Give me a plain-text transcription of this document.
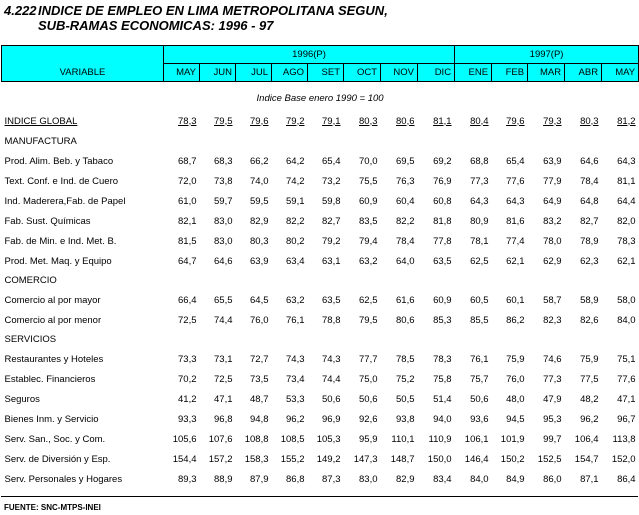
4.222INDICE DE EMPLEO EN LIMA METROPOLITANA SEGUN,
SUB-RAMAS ECONOMICAS: 1996 - 97
	1996(P)								1997(P)				
VARIABLE	MAY	JUN	JUL	AGO	SET	OCT	NOV	DIC	ENE	FEB	MAR	ABR	MAY
Indice Base enero 1990 = 100													
INDICE GLOBAL	78,3	79,5	79,6	79,2	79,1	80,3	80,6	81,1	80,4	79,6	79,3	80,3	81,2
MANUFACTURA													
Prod. Alim. Beb. y Tabaco	68,7	68,3	66,2	64,2	65,4	70,0	69,5	69,2	68,8	65,4	63,9	64,6	64,3
Text. Conf. e Ind. de Cuero	72,0	73,8	74,0	74,2	73,2	75,5	76,3	76,9	77,3	77,6	77,9	78,4	81,1
Ind. Maderera,Fab. de Papel	61,0	59,7	59,5	59,1	59,8	60,9	60,4	60,8	64,3	64,3	64,9	64,8	64,4
Fab. Sust. Químicas	82,1	83,0	82,9	82,2	82,7	83,5	82,2	81,8	80,9	81,6	83,2	82,7	82,0
Fab. de Min. e Ind. Met. B.	81,5	83,0	80,3	80,2	79,2	79,4	78,4	77,8	78,1	77,4	78,0	78,9	78,3
Prod. Met. Maq. y Equipo	64,7	64,6	63,9	63,4	63,1	63,2	64,0	63,5	62,5	62,1	62,9	62,3	62,1
COMERCIO													
Comercio al por mayor	66,4	65,5	64,5	63,2	63,5	62,5	61,6	60,9	60,5	60,1	58,7	58,9	58,0
Comercio al por menor	72,5	74,4	76,0	76,1	78,8	79,5	80,6	85,3	85,5	86,2	82,3	82,6	84,0
SERVICIOS													
Restaurantes y Hoteles	73,3	73,1	72,7	74,3	74,3	77,7	78,5	78,3	76,1	75,9	74,6	75,9	75,1
Establec. Financieros	70,2	72,5	73,5	73,4	74,4	75,0	75,2	75,8	75,7	76,0	77,3	77,5	77,6
Seguros	41,2	47,1	48,7	53,3	50,6	50,6	50,5	51,4	50,6	48,0	47,9	48,2	47,1
Bienes Inm. y Servicio	93,3	96,8	94,8	96,2	96,9	92,6	93,8	94,0	93,6	94,5	95,3	96,2	96,7
Serv. San., Soc. y Com.	105,6	107,6	108,8	108,5	105,3	95,9	110,1	110,9	106,1	101,9	99,7	106,4	113,8
Serv. de Diversión y Esp.	154,4	157,2	158,3	155,2	149,2	147,3	148,7	150,0	146,4	150,2	152,5	154,7	152,0
Serv. Personales y Hogares	89,3	88,9	87,9	86,8	87,3	83,0	82,9	83,4	84,0	84,9	86,0	87,1	86,4
FUENTE: SNC-MTPS-INEI
